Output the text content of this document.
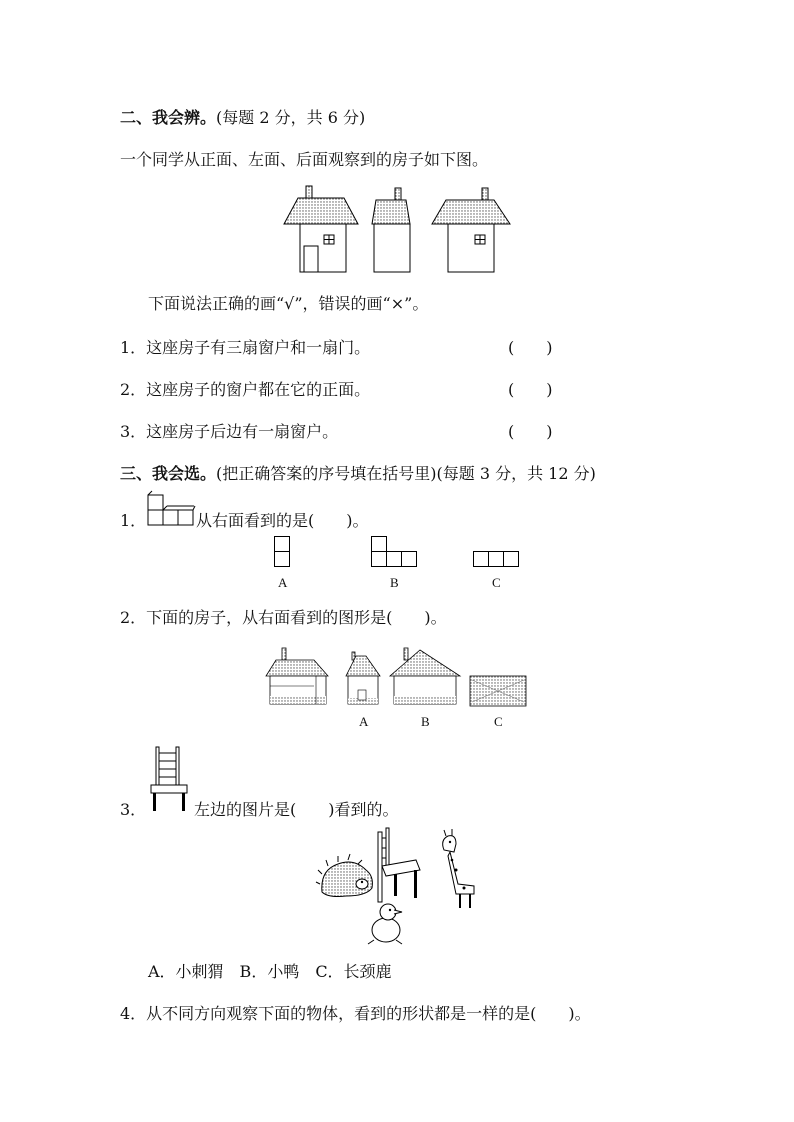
二、我会辨。(每题 2 分，共 6 分)
一个同学从正面、左面、后面观察到的房子如下图。
下面说法正确的画“√”，错误的画“×”。
1．这座房子有三扇窗户和一扇门。	(　　)
2．这座房子的窗户都在它的正面。	(　　)
3．这座房子后边有一扇窗户。	(　　)
三、我会选。(把正确答案的序号填在括号里)(每题 3 分，共 12 分)
1．	从右面看到的是(　　)。
A	B	C
2．下面的房子，从右面看到的图形是(　　)。
A	B	C
3．	左边的图片是(　　)看到的。
A．小刺猬　B．小鸭　C．长颈鹿
4．从不同方向观察下面的物体，看到的形状都是一样的是(　　)。
